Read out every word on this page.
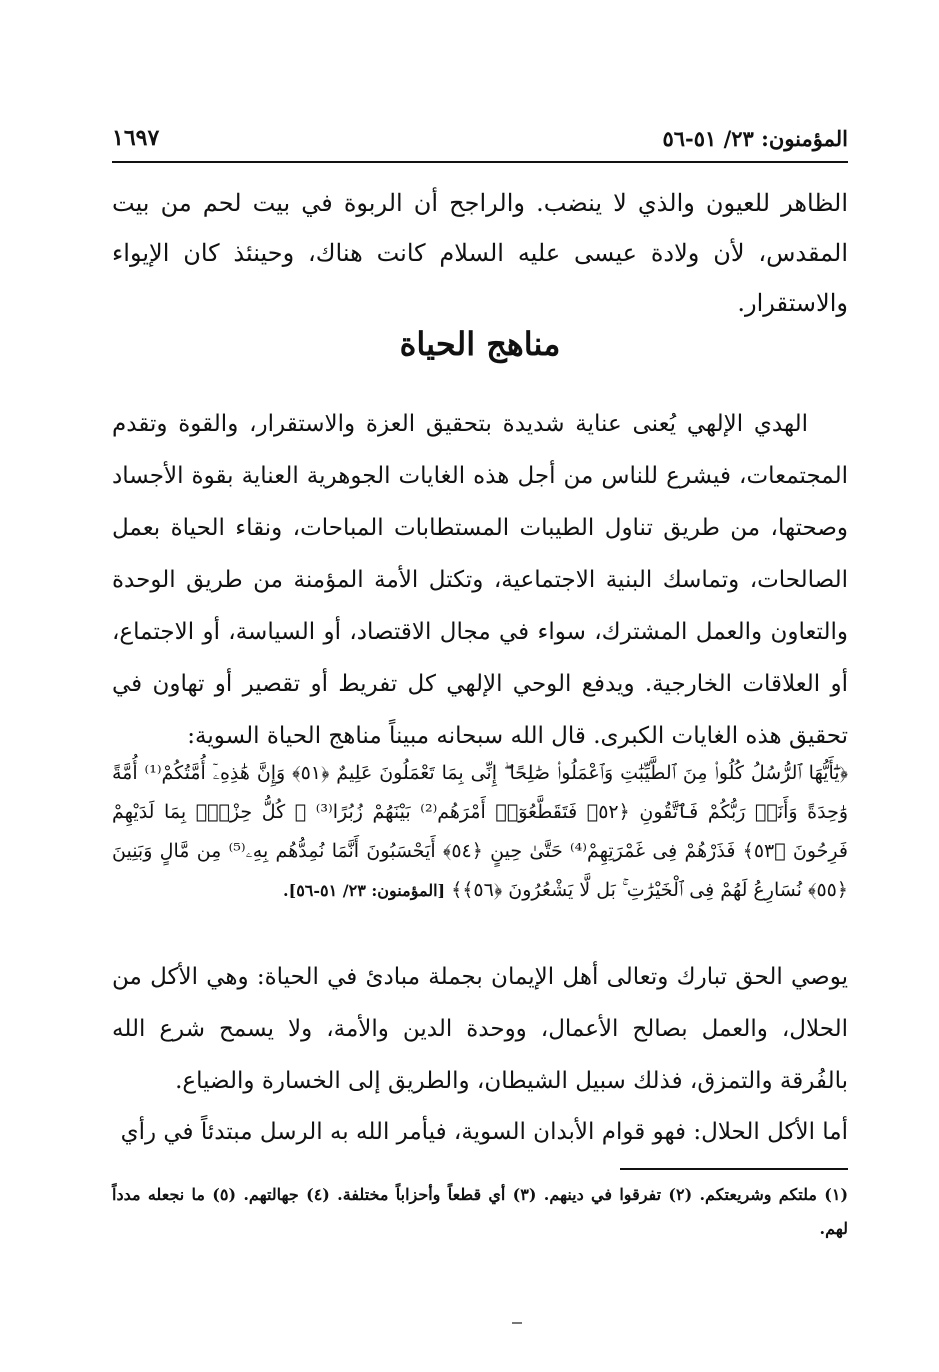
المؤمنون: ٢٣/ ٥١-٥٦
١٦٩٧
الظاهر للعيون والذي لا ينضب. والراجح أن الربوة في بيت لحم من بيت المقدس، لأن ولادة عيسى عليه السلام كانت هناك، وحينئذ كان الإيواء والاستقرار.
مناهج الحياة
الهدي الإلهي يُعنى عناية شديدة بتحقيق العزة والاستقرار، والقوة وتقدم المجتمعات، فيشرع للناس من أجل هذه الغايات الجوهرية العناية بقوة الأجساد وصحتها، من طريق تناول الطيبات المستطابات المباحات، ونقاء الحياة بعمل الصالحات، وتماسك البنية الاجتماعية، وتكتل الأمة المؤمنة من طريق الوحدة والتعاون والعمل المشترك، سواء في مجال الاقتصاد، أو السياسة، أو الاجتماع، أو العلاقات الخارجية. ويدفع الوحي الإلهي كل تفريط أو تقصير أو تهاون في تحقيق هذه الغايات الكبرى. قال الله سبحانه مبيناً مناهج الحياة السوية:
﴿يَٰٓأَيُّهَا ٱلرُّسُلُ كُلُوا۟ مِنَ ٱلطَّيِّبَٰتِ وَٱعْمَلُوا۟ صَٰلِحًا ۖ إِنِّى بِمَا تَعْمَلُونَ عَلِيمٌ ﴿٥١﴾ وَإِنَّ هَٰذِهِۦٓ أُمَّتُكُمْ⁽¹⁾ أُمَّةً وَٰحِدَةً وَأَنَا۠ رَبُّكُمْ فَٱتَّقُونِ ﴿٥٢﴾ فَتَقَطَّعُوٓا۟ أَمْرَهُم⁽²⁾ بَيْنَهُمْ زُبُرًا⁽³⁾ ۖ كُلُّ حِزْبٍۭ بِمَا لَدَيْهِمْ فَرِحُونَ ﴿٥٣﴾ فَذَرْهُمْ فِى غَمْرَتِهِمْ⁽⁴⁾ حَتَّىٰ حِينٍ ﴿٥٤﴾ أَيَحْسَبُونَ أَنَّمَا نُمِدُّهُم بِهِۦ⁽⁵⁾ مِن مَّالٍ وَبَنِينَ ﴿٥٥﴾ نُسَارِعُ لَهُمْ فِى ٱلْخَيْرَٰتِ ۚ بَل لَّا يَشْعُرُونَ ﴿٥٦﴾﴾ [المؤمنون: ٢٣/ ٥١-٥٦].
يوصي الحق تبارك وتعالى أهل الإيمان بجملة مبادئ في الحياة: وهي الأكل من الحلال، والعمل بصالح الأعمال، ووحدة الدين والأمة، ولا يسمح شرع الله بالفُرقة والتمزق، فذلك سبيل الشيطان، والطريق إلى الخسارة والضياع.
أما الأكل الحلال: فهو قوام الأبدان السوية، فيأمر الله به الرسل مبتدئاً في رأي
(١) ملتكم وشريعتكم. (٢) تفرقوا في دينهم. (٣) أي قطعاً وأحزاباً مختلفة. (٤) جهالتهم. (٥) ما نجعله مدداً لهم.
